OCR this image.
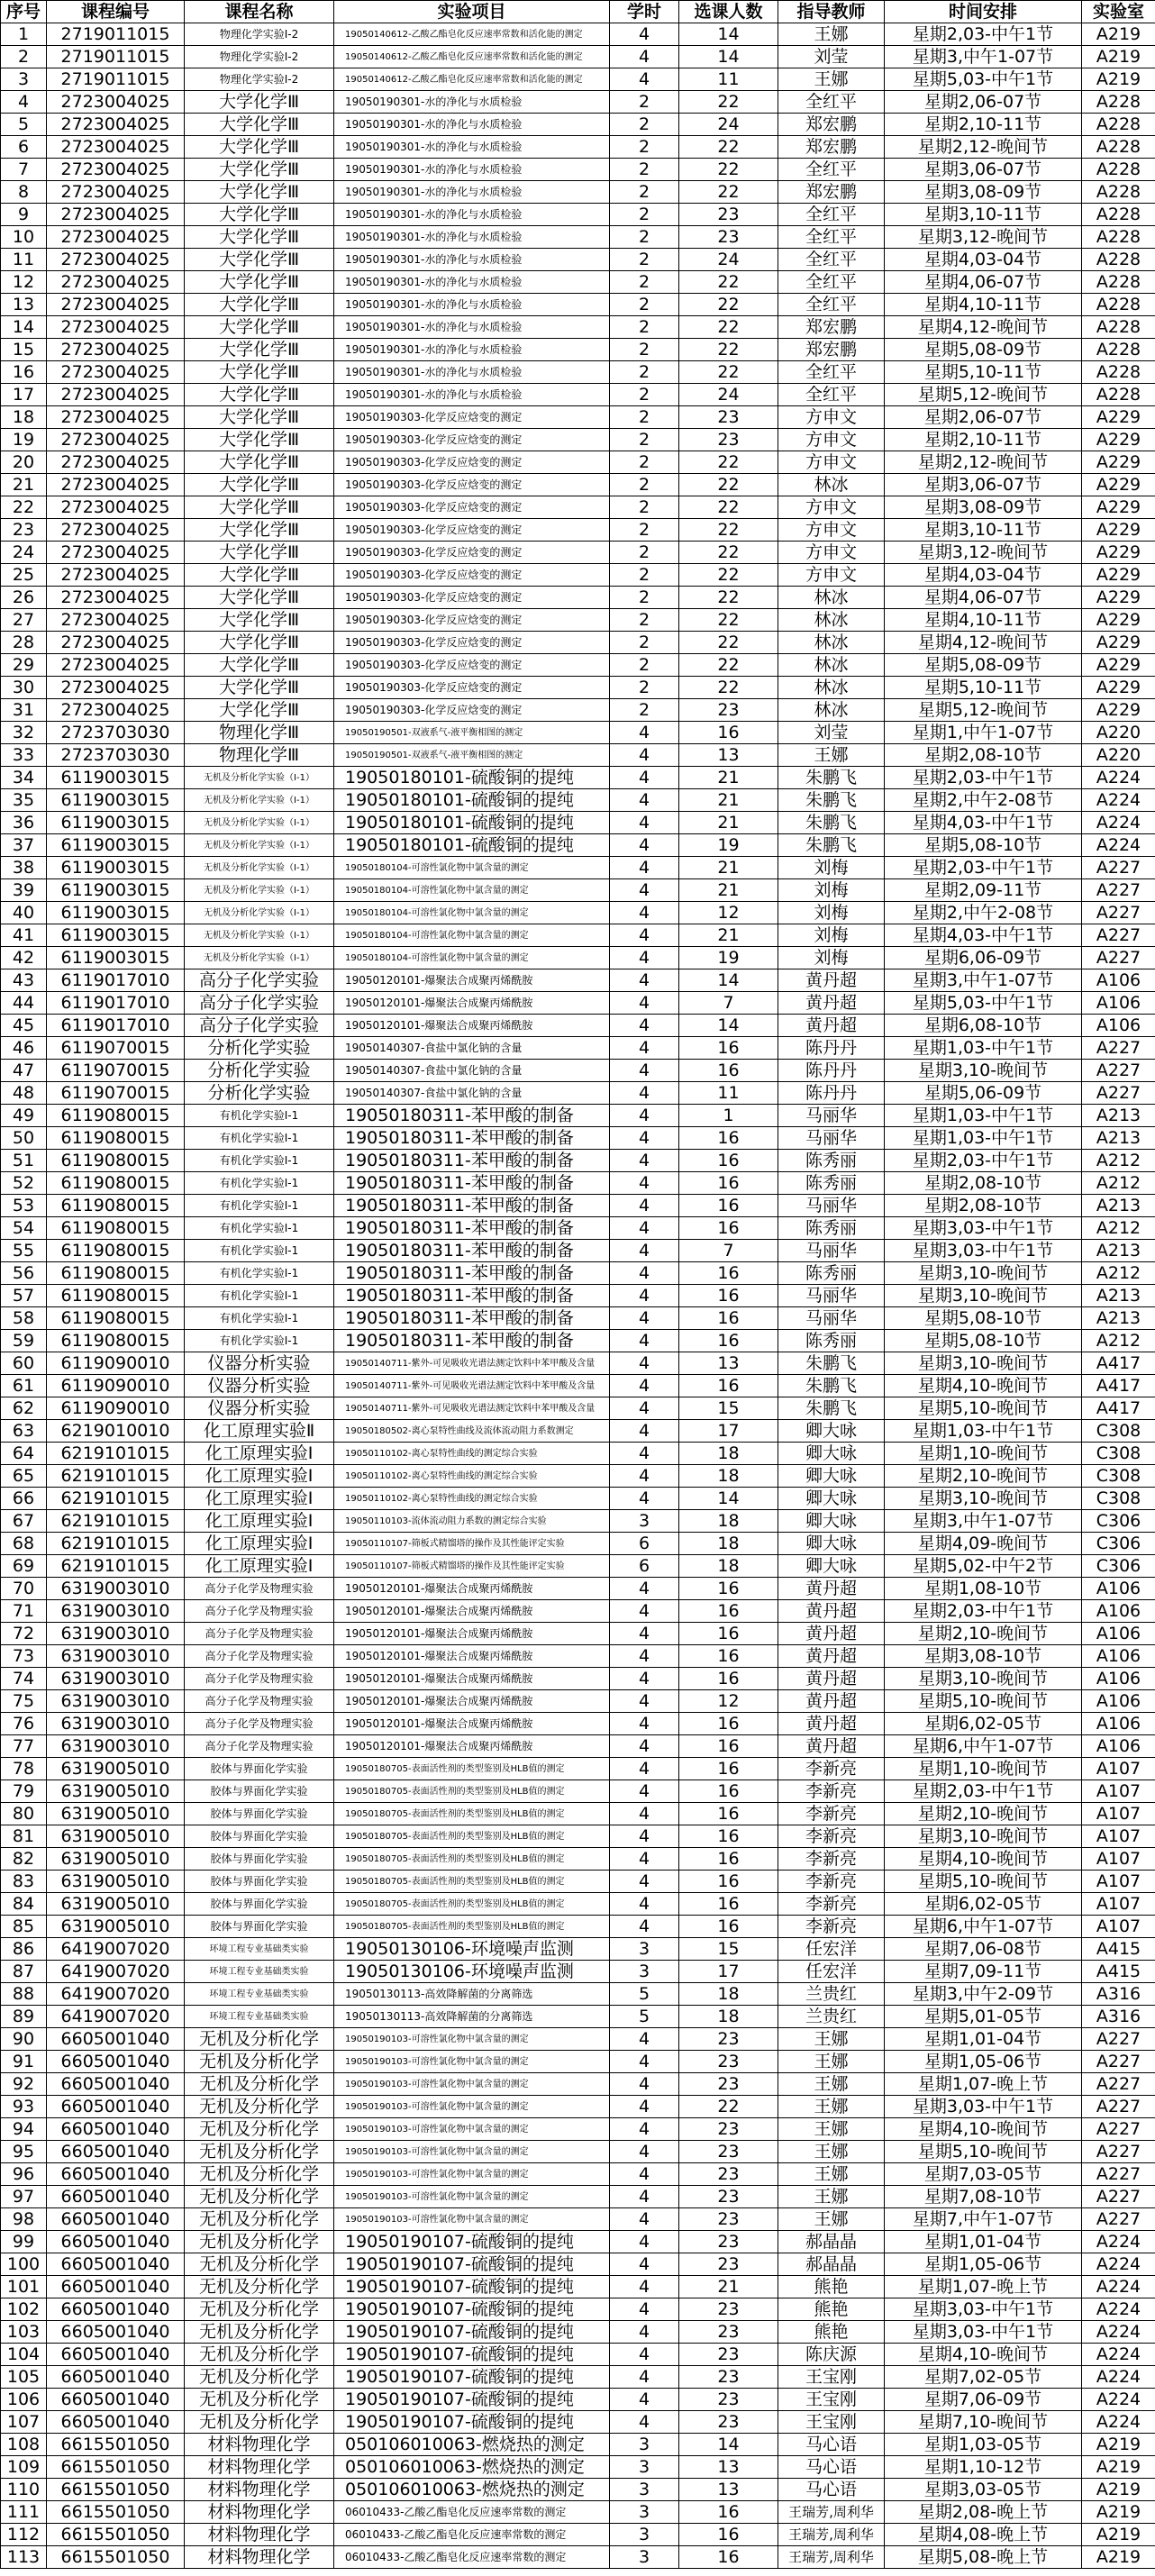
序号	课程编号	课程名称	实验项目	学时	选课人数	指导教师	时间安排	实验室
1	2719011015	物理化学实验Ⅰ-2	19050140612-乙酸乙酯皂化反应速率常数和活化能的测定	4	14	王娜	星期2,03-中午1节	A219
2	2719011015	物理化学实验Ⅰ-2	19050140612-乙酸乙酯皂化反应速率常数和活化能的测定	4	14	刘莹	星期3,中午1-07节	A219
3	2719011015	物理化学实验Ⅰ-2	19050140612-乙酸乙酯皂化反应速率常数和活化能的测定	4	11	王娜	星期5,03-中午1节	A219
4	2723004025	大学化学Ⅲ	19050190301-水的净化与水质检验	2	22	全红平	星期2,06-07节	A228
5	2723004025	大学化学Ⅲ	19050190301-水的净化与水质检验	2	24	郑宏鹏	星期2,10-11节	A228
6	2723004025	大学化学Ⅲ	19050190301-水的净化与水质检验	2	22	郑宏鹏	星期2,12-晚间节	A228
7	2723004025	大学化学Ⅲ	19050190301-水的净化与水质检验	2	22	全红平	星期3,06-07节	A228
8	2723004025	大学化学Ⅲ	19050190301-水的净化与水质检验	2	22	郑宏鹏	星期3,08-09节	A228
9	2723004025	大学化学Ⅲ	19050190301-水的净化与水质检验	2	23	全红平	星期3,10-11节	A228
10	2723004025	大学化学Ⅲ	19050190301-水的净化与水质检验	2	23	全红平	星期3,12-晚间节	A228
11	2723004025	大学化学Ⅲ	19050190301-水的净化与水质检验	2	24	全红平	星期4,03-04节	A228
12	2723004025	大学化学Ⅲ	19050190301-水的净化与水质检验	2	22	全红平	星期4,06-07节	A228
13	2723004025	大学化学Ⅲ	19050190301-水的净化与水质检验	2	22	全红平	星期4,10-11节	A228
14	2723004025	大学化学Ⅲ	19050190301-水的净化与水质检验	2	22	郑宏鹏	星期4,12-晚间节	A228
15	2723004025	大学化学Ⅲ	19050190301-水的净化与水质检验	2	22	郑宏鹏	星期5,08-09节	A228
16	2723004025	大学化学Ⅲ	19050190301-水的净化与水质检验	2	22	全红平	星期5,10-11节	A228
17	2723004025	大学化学Ⅲ	19050190301-水的净化与水质检验	2	24	全红平	星期5,12-晚间节	A228
18	2723004025	大学化学Ⅲ	19050190303-化学反应焓变的测定	2	23	方申文	星期2,06-07节	A229
19	2723004025	大学化学Ⅲ	19050190303-化学反应焓变的测定	2	23	方申文	星期2,10-11节	A229
20	2723004025	大学化学Ⅲ	19050190303-化学反应焓变的测定	2	22	方申文	星期2,12-晚间节	A229
21	2723004025	大学化学Ⅲ	19050190303-化学反应焓变的测定	2	22	林冰	星期3,06-07节	A229
22	2723004025	大学化学Ⅲ	19050190303-化学反应焓变的测定	2	22	方申文	星期3,08-09节	A229
23	2723004025	大学化学Ⅲ	19050190303-化学反应焓变的测定	2	22	方申文	星期3,10-11节	A229
24	2723004025	大学化学Ⅲ	19050190303-化学反应焓变的测定	2	22	方申文	星期3,12-晚间节	A229
25	2723004025	大学化学Ⅲ	19050190303-化学反应焓变的测定	2	22	方申文	星期4,03-04节	A229
26	2723004025	大学化学Ⅲ	19050190303-化学反应焓变的测定	2	22	林冰	星期4,06-07节	A229
27	2723004025	大学化学Ⅲ	19050190303-化学反应焓变的测定	2	22	林冰	星期4,10-11节	A229
28	2723004025	大学化学Ⅲ	19050190303-化学反应焓变的测定	2	22	林冰	星期4,12-晚间节	A229
29	2723004025	大学化学Ⅲ	19050190303-化学反应焓变的测定	2	22	林冰	星期5,08-09节	A229
30	2723004025	大学化学Ⅲ	19050190303-化学反应焓变的测定	2	22	林冰	星期5,10-11节	A229
31	2723004025	大学化学Ⅲ	19050190303-化学反应焓变的测定	2	23	林冰	星期5,12-晚间节	A229
32	2723703030	物理化学Ⅲ	19050190501-双液系气-液平衡相图的测定	4	16	刘莹	星期1,中午1-07节	A220
33	2723703030	物理化学Ⅲ	19050190501-双液系气-液平衡相图的测定	4	13	王娜	星期2,08-10节	A220
34	6119003015	无机及分析化学实验（Ⅰ-1）	19050180101-硫酸铜的提纯	4	21	朱鹏飞	星期2,03-中午1节	A224
35	6119003015	无机及分析化学实验（Ⅰ-1）	19050180101-硫酸铜的提纯	4	21	朱鹏飞	星期2,中午2-08节	A224
36	6119003015	无机及分析化学实验（Ⅰ-1）	19050180101-硫酸铜的提纯	4	21	朱鹏飞	星期4,03-中午1节	A224
37	6119003015	无机及分析化学实验（Ⅰ-1）	19050180101-硫酸铜的提纯	4	19	朱鹏飞	星期5,08-10节	A224
38	6119003015	无机及分析化学实验（Ⅰ-1）	19050180104-可溶性氯化物中氯含量的测定	4	21	刘梅	星期2,03-中午1节	A227
39	6119003015	无机及分析化学实验（Ⅰ-1）	19050180104-可溶性氯化物中氯含量的测定	4	21	刘梅	星期2,09-11节	A227
40	6119003015	无机及分析化学实验（Ⅰ-1）	19050180104-可溶性氯化物中氯含量的测定	4	12	刘梅	星期2,中午2-08节	A227
41	6119003015	无机及分析化学实验（Ⅰ-1）	19050180104-可溶性氯化物中氯含量的测定	4	21	刘梅	星期4,03-中午1节	A227
42	6119003015	无机及分析化学实验（Ⅰ-1）	19050180104-可溶性氯化物中氯含量的测定	4	19	刘梅	星期6,06-09节	A227
43	6119017010	高分子化学实验	19050120101-爆聚法合成聚丙烯酰胺	4	14	黄丹超	星期3,中午1-07节	A106
44	6119017010	高分子化学实验	19050120101-爆聚法合成聚丙烯酰胺	4	7	黄丹超	星期5,03-中午1节	A106
45	6119017010	高分子化学实验	19050120101-爆聚法合成聚丙烯酰胺	4	14	黄丹超	星期6,08-10节	A106
46	6119070015	分析化学实验	19050140307-食盐中氯化钠的含量	4	16	陈丹丹	星期1,03-中午1节	A227
47	6119070015	分析化学实验	19050140307-食盐中氯化钠的含量	4	16	陈丹丹	星期3,10-晚间节	A227
48	6119070015	分析化学实验	19050140307-食盐中氯化钠的含量	4	11	陈丹丹	星期5,06-09节	A227
49	6119080015	有机化学实验Ⅰ-1	19050180311-苯甲酸的制备	4	1	马丽华	星期1,03-中午1节	A213
50	6119080015	有机化学实验Ⅰ-1	19050180311-苯甲酸的制备	4	16	马丽华	星期1,03-中午1节	A213
51	6119080015	有机化学实验Ⅰ-1	19050180311-苯甲酸的制备	4	16	陈秀丽	星期2,03-中午1节	A212
52	6119080015	有机化学实验Ⅰ-1	19050180311-苯甲酸的制备	4	16	陈秀丽	星期2,08-10节	A212
53	6119080015	有机化学实验Ⅰ-1	19050180311-苯甲酸的制备	4	16	马丽华	星期2,08-10节	A213
54	6119080015	有机化学实验Ⅰ-1	19050180311-苯甲酸的制备	4	16	陈秀丽	星期3,03-中午1节	A212
55	6119080015	有机化学实验Ⅰ-1	19050180311-苯甲酸的制备	4	7	马丽华	星期3,03-中午1节	A213
56	6119080015	有机化学实验Ⅰ-1	19050180311-苯甲酸的制备	4	16	陈秀丽	星期3,10-晚间节	A212
57	6119080015	有机化学实验Ⅰ-1	19050180311-苯甲酸的制备	4	16	马丽华	星期3,10-晚间节	A213
58	6119080015	有机化学实验Ⅰ-1	19050180311-苯甲酸的制备	4	16	马丽华	星期5,08-10节	A213
59	6119080015	有机化学实验Ⅰ-1	19050180311-苯甲酸的制备	4	16	陈秀丽	星期5,08-10节	A212
60	6119090010	仪器分析实验	19050140711-紫外-可见吸收光谱法测定饮料中苯甲酸及含量	4	13	朱鹏飞	星期3,10-晚间节	A417
61	6119090010	仪器分析实验	19050140711-紫外-可见吸收光谱法测定饮料中苯甲酸及含量	4	16	朱鹏飞	星期4,10-晚间节	A417
62	6119090010	仪器分析实验	19050140711-紫外-可见吸收光谱法测定饮料中苯甲酸及含量	4	15	朱鹏飞	星期5,10-晚间节	A417
63	6219010010	化工原理实验Ⅱ	19050180502-离心泵特性曲线及流体流动阻力系数测定	4	17	卿大咏	星期1,03-中午1节	C308
64	6219101015	化工原理实验Ⅰ	19050110102-离心泵特性曲线的测定综合实验	4	18	卿大咏	星期1,10-晚间节	C308
65	6219101015	化工原理实验Ⅰ	19050110102-离心泵特性曲线的测定综合实验	4	18	卿大咏	星期2,10-晚间节	C308
66	6219101015	化工原理实验Ⅰ	19050110102-离心泵特性曲线的测定综合实验	4	14	卿大咏	星期3,10-晚间节	C308
67	6219101015	化工原理实验Ⅰ	19050110103-流体流动阻力系数的测定综合实验	3	18	卿大咏	星期3,中午1-07节	C306
68	6219101015	化工原理实验Ⅰ	19050110107-筛板式精馏塔的操作及其性能评定实验	6	18	卿大咏	星期4,09-晚间节	C306
69	6219101015	化工原理实验Ⅰ	19050110107-筛板式精馏塔的操作及其性能评定实验	6	18	卿大咏	星期5,02-中午2节	C306
70	6319003010	高分子化学及物理实验	19050120101-爆聚法合成聚丙烯酰胺	4	16	黄丹超	星期1,08-10节	A106
71	6319003010	高分子化学及物理实验	19050120101-爆聚法合成聚丙烯酰胺	4	16	黄丹超	星期2,03-中午1节	A106
72	6319003010	高分子化学及物理实验	19050120101-爆聚法合成聚丙烯酰胺	4	16	黄丹超	星期2,10-晚间节	A106
73	6319003010	高分子化学及物理实验	19050120101-爆聚法合成聚丙烯酰胺	4	16	黄丹超	星期3,08-10节	A106
74	6319003010	高分子化学及物理实验	19050120101-爆聚法合成聚丙烯酰胺	4	16	黄丹超	星期3,10-晚间节	A106
75	6319003010	高分子化学及物理实验	19050120101-爆聚法合成聚丙烯酰胺	4	12	黄丹超	星期5,10-晚间节	A106
76	6319003010	高分子化学及物理实验	19050120101-爆聚法合成聚丙烯酰胺	4	16	黄丹超	星期6,02-05节	A106
77	6319003010	高分子化学及物理实验	19050120101-爆聚法合成聚丙烯酰胺	4	16	黄丹超	星期6,中午1-07节	A106
78	6319005010	胶体与界面化学实验	19050180705-表面活性剂的类型鉴别及HLB值的测定	4	16	李新亮	星期1,10-晚间节	A107
79	6319005010	胶体与界面化学实验	19050180705-表面活性剂的类型鉴别及HLB值的测定	4	16	李新亮	星期2,03-中午1节	A107
80	6319005010	胶体与界面化学实验	19050180705-表面活性剂的类型鉴别及HLB值的测定	4	16	李新亮	星期2,10-晚间节	A107
81	6319005010	胶体与界面化学实验	19050180705-表面活性剂的类型鉴别及HLB值的测定	4	16	李新亮	星期3,10-晚间节	A107
82	6319005010	胶体与界面化学实验	19050180705-表面活性剂的类型鉴别及HLB值的测定	4	16	李新亮	星期4,10-晚间节	A107
83	6319005010	胶体与界面化学实验	19050180705-表面活性剂的类型鉴别及HLB值的测定	4	16	李新亮	星期5,10-晚间节	A107
84	6319005010	胶体与界面化学实验	19050180705-表面活性剂的类型鉴别及HLB值的测定	4	16	李新亮	星期6,02-05节	A107
85	6319005010	胶体与界面化学实验	19050180705-表面活性剂的类型鉴别及HLB值的测定	4	16	李新亮	星期6,中午1-07节	A107
86	6419007020	环境工程专业基础类实验	19050130106-环境噪声监测	3	15	任宏洋	星期7,06-08节	A415
87	6419007020	环境工程专业基础类实验	19050130106-环境噪声监测	3	17	任宏洋	星期7,09-11节	A415
88	6419007020	环境工程专业基础类实验	19050130113-高效降解菌的分离筛选	5	18	兰贵红	星期3,中午2-09节	A316
89	6419007020	环境工程专业基础类实验	19050130113-高效降解菌的分离筛选	5	18	兰贵红	星期5,01-05节	A316
90	6605001040	无机及分析化学	19050190103-可溶性氯化物中氯含量的测定	4	23	王娜	星期1,01-04节	A227
91	6605001040	无机及分析化学	19050190103-可溶性氯化物中氯含量的测定	4	23	王娜	星期1,05-06节	A227
92	6605001040	无机及分析化学	19050190103-可溶性氯化物中氯含量的测定	4	23	王娜	星期1,07-晚上节	A227
93	6605001040	无机及分析化学	19050190103-可溶性氯化物中氯含量的测定	4	22	王娜	星期3,03-中午1节	A227
94	6605001040	无机及分析化学	19050190103-可溶性氯化物中氯含量的测定	4	23	王娜	星期4,10-晚间节	A227
95	6605001040	无机及分析化学	19050190103-可溶性氯化物中氯含量的测定	4	23	王娜	星期5,10-晚间节	A227
96	6605001040	无机及分析化学	19050190103-可溶性氯化物中氯含量的测定	4	23	王娜	星期7,03-05节	A227
97	6605001040	无机及分析化学	19050190103-可溶性氯化物中氯含量的测定	4	23	王娜	星期7,08-10节	A227
98	6605001040	无机及分析化学	19050190103-可溶性氯化物中氯含量的测定	4	23	王娜	星期7,中午1-07节	A227
99	6605001040	无机及分析化学	19050190107-硫酸铜的提纯	4	23	郝晶晶	星期1,01-04节	A224
100	6605001040	无机及分析化学	19050190107-硫酸铜的提纯	4	23	郝晶晶	星期1,05-06节	A224
101	6605001040	无机及分析化学	19050190107-硫酸铜的提纯	4	21	熊艳	星期1,07-晚上节	A224
102	6605001040	无机及分析化学	19050190107-硫酸铜的提纯	4	23	熊艳	星期3,03-中午1节	A224
103	6605001040	无机及分析化学	19050190107-硫酸铜的提纯	4	23	熊艳	星期3,03-中午1节	A224
104	6605001040	无机及分析化学	19050190107-硫酸铜的提纯	4	23	陈庆源	星期4,10-晚间节	A224
105	6605001040	无机及分析化学	19050190107-硫酸铜的提纯	4	23	王宝刚	星期7,02-05节	A224
106	6605001040	无机及分析化学	19050190107-硫酸铜的提纯	4	23	王宝刚	星期7,06-09节	A224
107	6605001040	无机及分析化学	19050190107-硫酸铜的提纯	4	23	王宝刚	星期7,10-晚间节	A224
108	6615501050	材料物理化学	050106010063-燃烧热的测定	3	14	马心语	星期1,03-05节	A219
109	6615501050	材料物理化学	050106010063-燃烧热的测定	3	13	马心语	星期1,10-12节	A219
110	6615501050	材料物理化学	050106010063-燃烧热的测定	3	13	马心语	星期3,03-05节	A219
111	6615501050	材料物理化学	06010433-乙酸乙酯皂化反应速率常数的测定	3	16	王瑞芳,周利华	星期2,08-晚上节	A219
112	6615501050	材料物理化学	06010433-乙酸乙酯皂化反应速率常数的测定	3	16	王瑞芳,周利华	星期4,08-晚上节	A219
113	6615501050	材料物理化学	06010433-乙酸乙酯皂化反应速率常数的测定	3	16	王瑞芳,周利华	星期5,08-晚上节	A219
